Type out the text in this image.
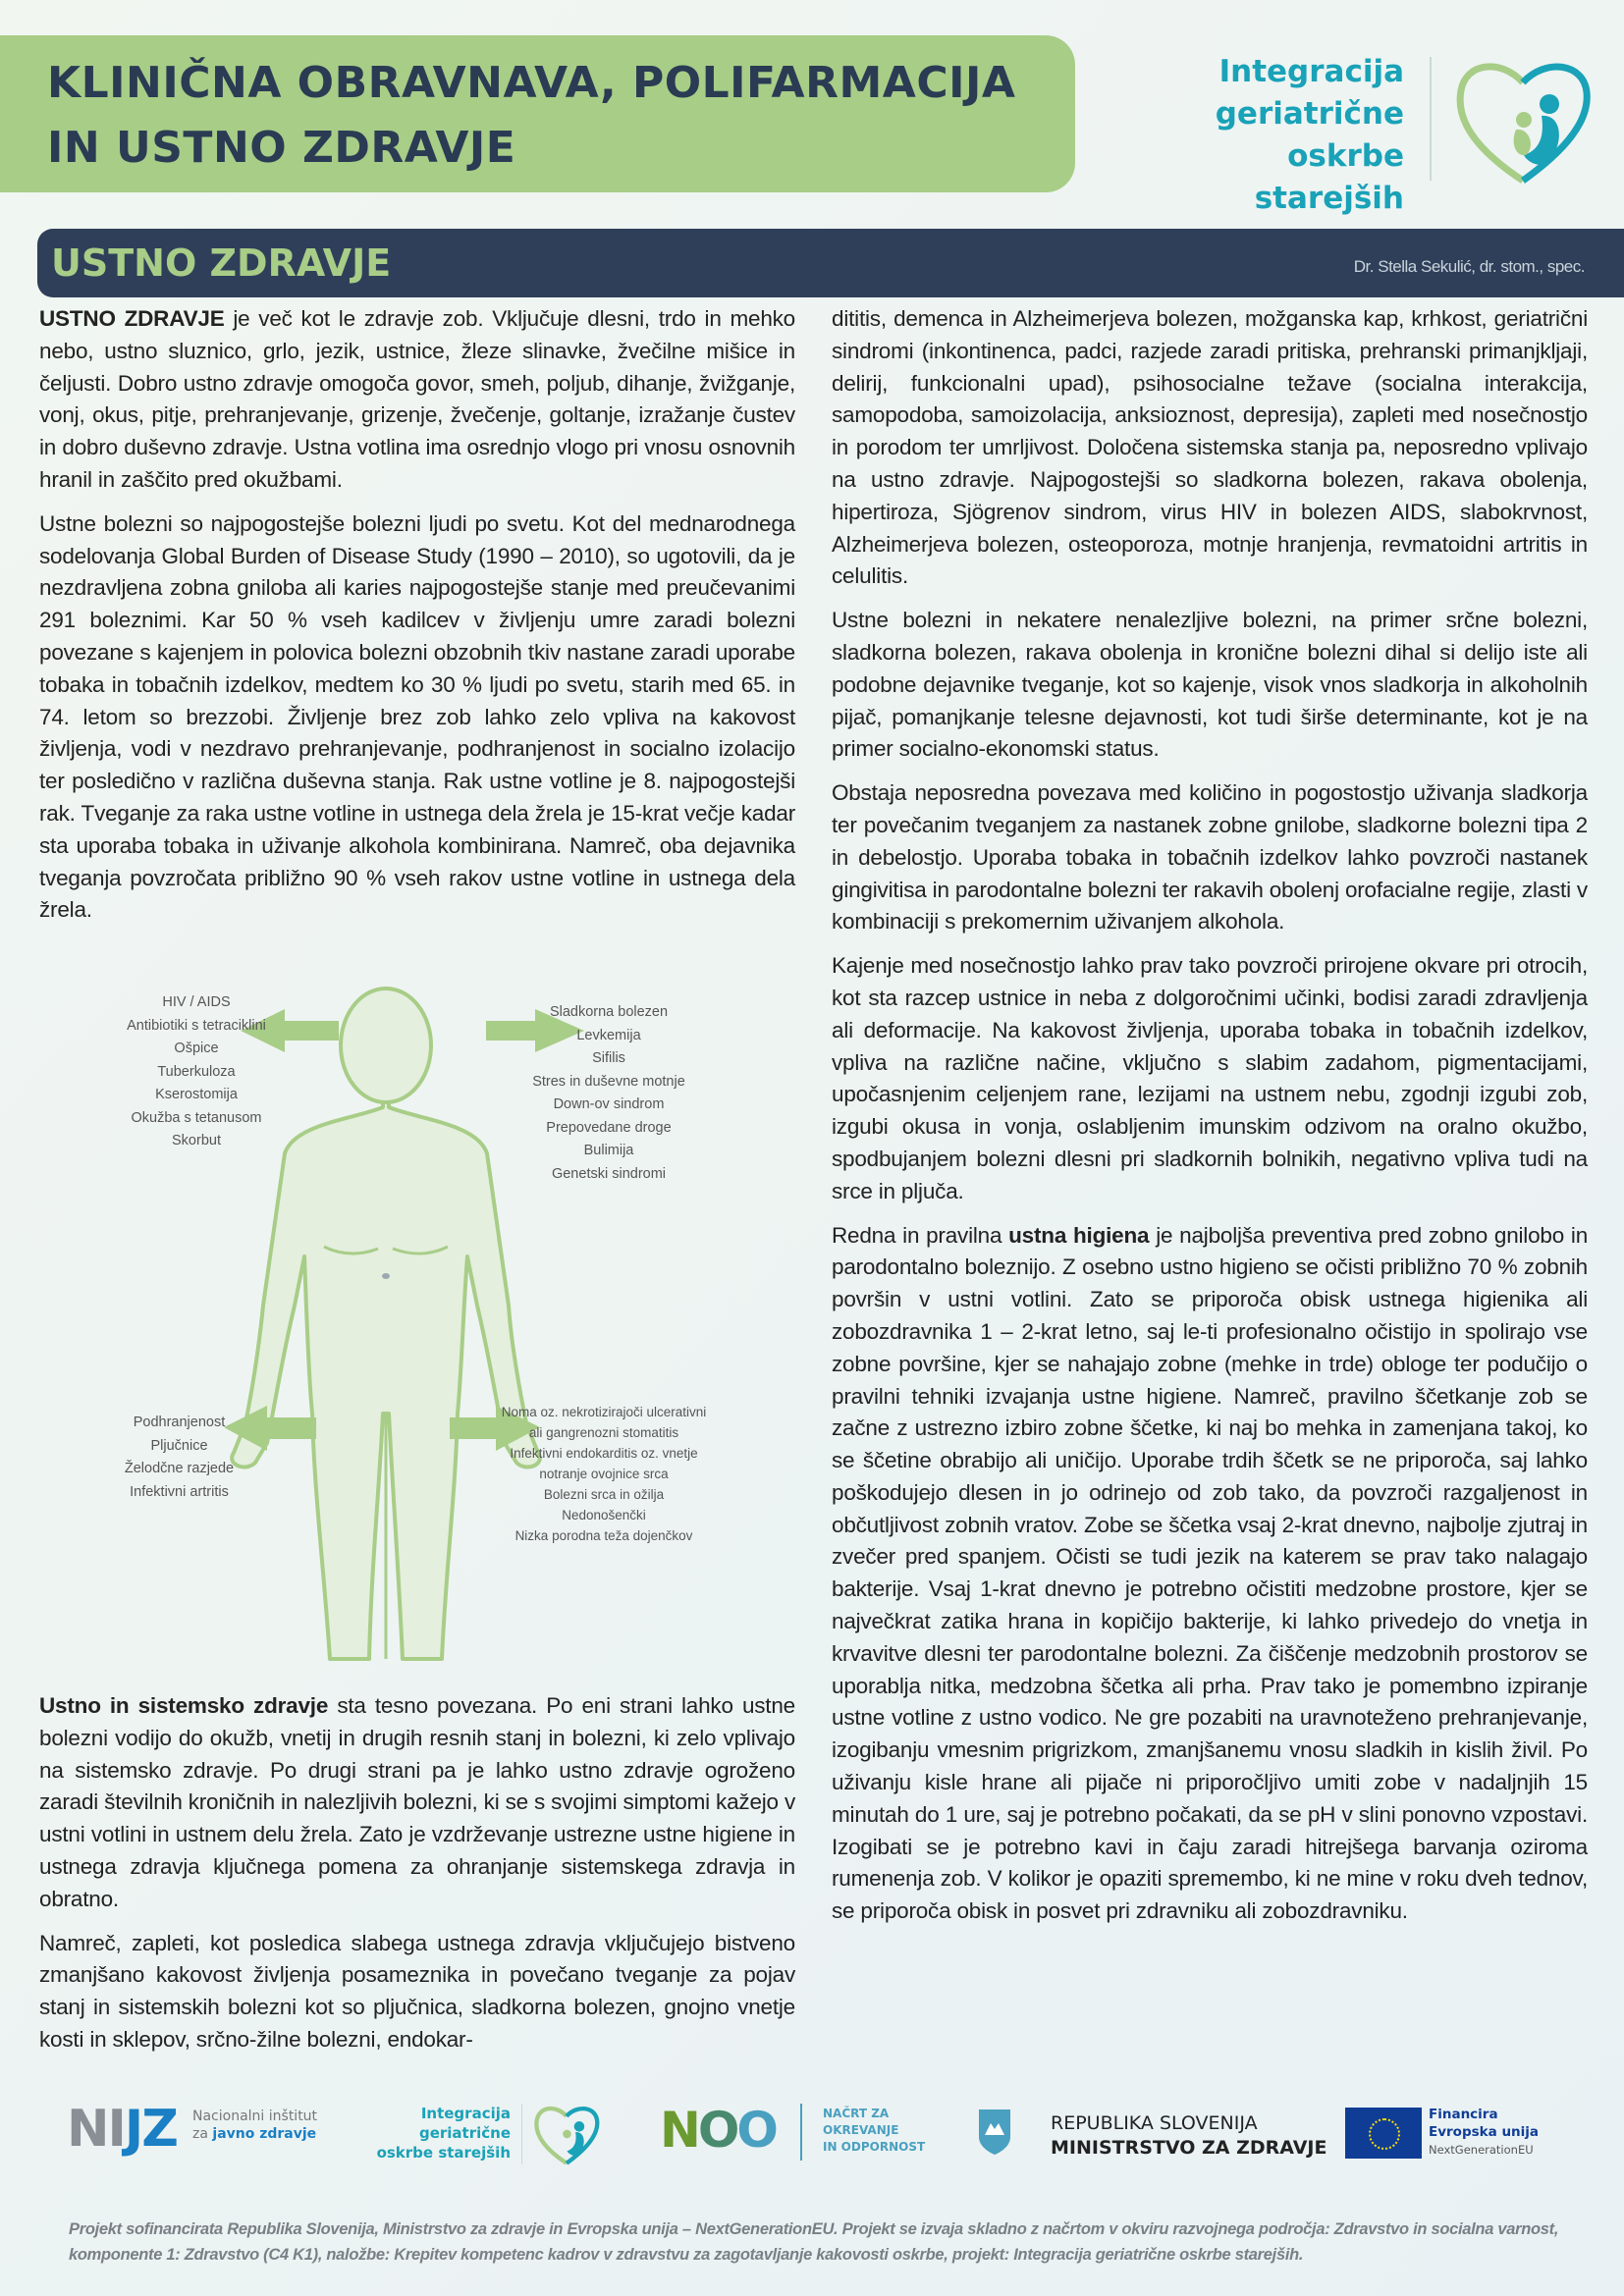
KLINIČNA OBRAVNAVA, POLIFARMACIJA
IN USTNO ZDRAVJE
Integracija
geriatrične
oskrbe starejših
USTNO ZDRAVJE	Dr. Stella Sekulić, dr. stom., spec.

USTNO ZDRAVJE je več kot le zdravje zob. Vključuje dlesni, trdo in mehko nebo, ustno sluznico, grlo, jezik, ustnice, žleze slinavke, žvečilne mišice in čeljusti. Dobro ustno zdravje omogoča govor, smeh, poljub, dihanje, žvižganje, vonj, okus, pitje, prehranjevanje, grizenje, žvečenje, goltanje, izražanje čustev in dobro duševno zdravje. Ustna votlina ima osrednjo vlogo pri vnosu osnovnih hranil in zaščito pred okužbami.

Ustne bolezni so najpogostejše bolezni ljudi po svetu. Kot del mednarodnega sodelovanja Global Burden of Disease Study (1990 – 2010), so ugotovili, da je nezdravljena zobna gniloba ali karies najpogostejše stanje med preučevanimi 291 boleznimi. Kar 50 % vseh kadilcev v življenju umre zaradi bolezni povezane s kajenjem in polovica bolezni obzobnih tkiv nastane zaradi uporabe tobaka in tobačnih izdelkov, medtem ko 30 % ljudi po svetu, starih med 65. in 74. letom so brezzobi. Življenje brez zob lahko zelo vpliva na kakovost življenja, vodi v nezdravo prehranjevanje, podhranjenost in socialno izolacijo ter posledično v različna duševna stanja. Rak ustne votline je 8. najpogostejši rak. Tveganje za raka ustne votline in ustnega dela žrela je 15-krat večje kadar sta uporaba tobaka in uživanje alkohola kombinirana. Namreč, oba dejavnika tveganja povzročata približno 90 % vseh rakov ustne votline in ustnega dela žrela.

HIV / AIDS
Antibiotiki s tetraciklini
Ošpice
Tuberkuloza
Kserostomija
Okužba s tetanusom
Skorbut
Sladkorna bolezen
Levkemija
Sifilis
Stres in duševne motnje
Down-ov sindrom
Prepovedane droge
Bulimija
Genetski sindromi
Podhranjenost
Pljučnice
Želodčne razjede
Infektivni artritis
Noma oz. nekrotizirajoči ulcerativni
ali gangrenozni stomatitis
Infektivni endokarditis oz. vnetje
notranje ovojnice srca
Bolezni srca in ožilja
Nedonošenčki
Nizka porodna teža dojenčkov

Ustno in sistemsko zdravje sta tesno povezana. Po eni strani lahko ustne bolezni vodijo do okužb, vnetij in drugih resnih stanj in bolezni, ki zelo vplivajo na sistemsko zdravje. Po drugi strani pa je lahko ustno zdravje ogroženo zaradi številnih kroničnih in nalezljivih bolezni, ki se s svojimi simptomi kažejo v ustni votlini in ustnem delu žrela. Zato je vzdrževanje ustrezne ustne higiene in ustnega zdravja ključnega pomena za ohranjanje sistemskega zdravja in obratno.

Namreč, zapleti, kot posledica slabega ustnega zdravja vključujejo bistveno zmanjšano kakovost življenja posameznika in povečano tveganje za pojav stanj in sistemskih bolezni kot so pljučnica, sladkorna bolezen, gnojno vnetje kosti in sklepov, srčno-žilne bolezni, endokar-

dititis, demenca in Alzheimerjeva bolezen, možganska kap, krhkost, geriatrični sindromi (inkontinenca, padci, razjede zaradi pritiska, prehranski primanjkljaji, delirij, funkcionalni upad), psihosocialne težave (socialna interakcija, samopodoba, samoizolacija, anksioznost, depresija), zapleti med nosečnostjo in porodom ter umrljivost. Določena sistemska stanja pa, neposredno vplivajo na ustno zdravje. Najpogostejši so sladkorna bolezen, rakava obolenja, hipertiroza, Sjögrenov sindrom, virus HIV in bolezen AIDS, slabokrvnost, Alzheimerjeva bolezen, osteoporoza, motnje hranjenja, revmatoidni artritis in celulitis.

Ustne bolezni in nekatere nenalezljive bolezni, na primer srčne bolezni, sladkorna bolezen, rakava obolenja in kronične bolezni dihal si delijo iste ali podobne dejavnike tveganje, kot so kajenje, visok vnos sladkorja in alkoholnih pijač, pomanjkanje telesne dejavnosti, kot tudi širše determinante, kot je na primer socialno-ekonomski status.

Obstaja neposredna povezava med količino in pogostostjo uživanja sladkorja ter povečanim tveganjem za nastanek zobne gnilobe, sladkorne bolezni tipa 2 in debelostjo. Uporaba tobaka in tobačnih izdelkov lahko povzroči nastanek gingivitisa in parodontalne bolezni ter rakavih obolenj orofacialne regije, zlasti v kombinaciji s prekomernim uživanjem alkohola.

Kajenje med nosečnostjo lahko prav tako povzroči prirojene okvare pri otrocih, kot sta razcep ustnice in neba z dolgoročnimi učinki, bodisi zaradi zdravljenja ali deformacije. Na kakovost življenja, uporaba tobaka in tobačnih izdelkov, vpliva na različne načine, vključno s slabim zadahom, pigmentacijami, upočasnjenim celjenjem rane, lezijami na ustnem nebu, zgodnji izgubi zob, izgubi okusa in vonja, oslabljenim imunskim odzivom na oralno okužbo, spodbujanjem bolezni dlesni pri sladkornih bolnikih, negativno vpliva tudi na srce in pljuča.

Redna in pravilna ustna higiena je najboljša preventiva pred zobno gnilobo in parodontalno boleznijo. Z osebno ustno higieno se očisti približno 70 % zobnih površin v ustni votlini. Zato se priporoča obisk ustnega higienika ali zobozdravnika 1 – 2-krat letno, saj le-ti profesionalno očistijo in spolirajo vse zobne površine, kjer se nahajajo zobne (mehke in trde) obloge ter podučijo o pravilni tehniki izvajanja ustne higiene. Namreč, pravilno ščetkanje zob se začne z ustrezno izbiro zobne ščetke, ki naj bo mehka in zamenjana takoj, ko se ščetine obrabijo ali uničijo. Uporabe trdih ščetk se ne priporoča, saj lahko poškodujejo dlesen in jo odrinejo od zob tako, da povzroči razgaljenost in občutljivost zobnih vratov. Zobe se ščetka vsaj 2-krat dnevno, najbolje zjutraj in zvečer pred spanjem. Očisti se tudi jezik na katerem se prav tako nalagajo bakterije. Vsaj 1-krat dnevno je potrebno očistiti medzobne prostore, kjer se največkrat zatika hrana in kopičijo bakterije, ki lahko privedejo do vnetja in krvavitve dlesni ter parodontalne bolezni. Za čiščenje medzobnih prostorov se uporablja nitka, medzobna ščetka ali prha. Prav tako je pomembno izpiranje ustne votline z ustno vodico. Ne gre pozabiti na uravnoteženo prehranjevanje, izogibanju vmesnim prigrizkom, zmanjšanemu vnosu sladkih in kislih živil. Po uživanju kisle hrane ali pijače ni priporočljivo umiti zobe v nadaljnjih 15 minutah do 1 ure, saj je potrebno počakati, da se pH v slini ponovno vzpostavi. Izogibati se je potrebno kavi in čaju zaradi hitrejšega barvanja oziroma rumenenja zob. V kolikor je opaziti spremembo, ki ne mine v roku dveh tednov, se priporoča obisk in posvet pri zdravniku ali zobozdravniku.

NIJZ Nacionalni inštitut
za javno zdravje
Integracija
geriatrične
oskrbe starejših	NOO	NAČRT ZA
OKREVANJE
IN ODPORNOST
REPUBLIKA SLOVENIJA
MINISTRSTVO ZA ZDRAVJE
Financira
Evropska unija
NextGenerationEU
Projekt sofinancirata Republika Slovenija, Ministrstvo za zdravje in Evropska unija – NextGenerationEU. Projekt se izvaja skladno z načrtom v okviru razvojnega področja: Zdravstvo in socialna varnost, komponente 1: Zdravstvo (C4 K1), naložbe: Krepitev kompetenc kadrov v zdravstvu za zagotavljanje kakovosti oskrbe, projekt: Integracija geriatrične oskrbe starejših.
